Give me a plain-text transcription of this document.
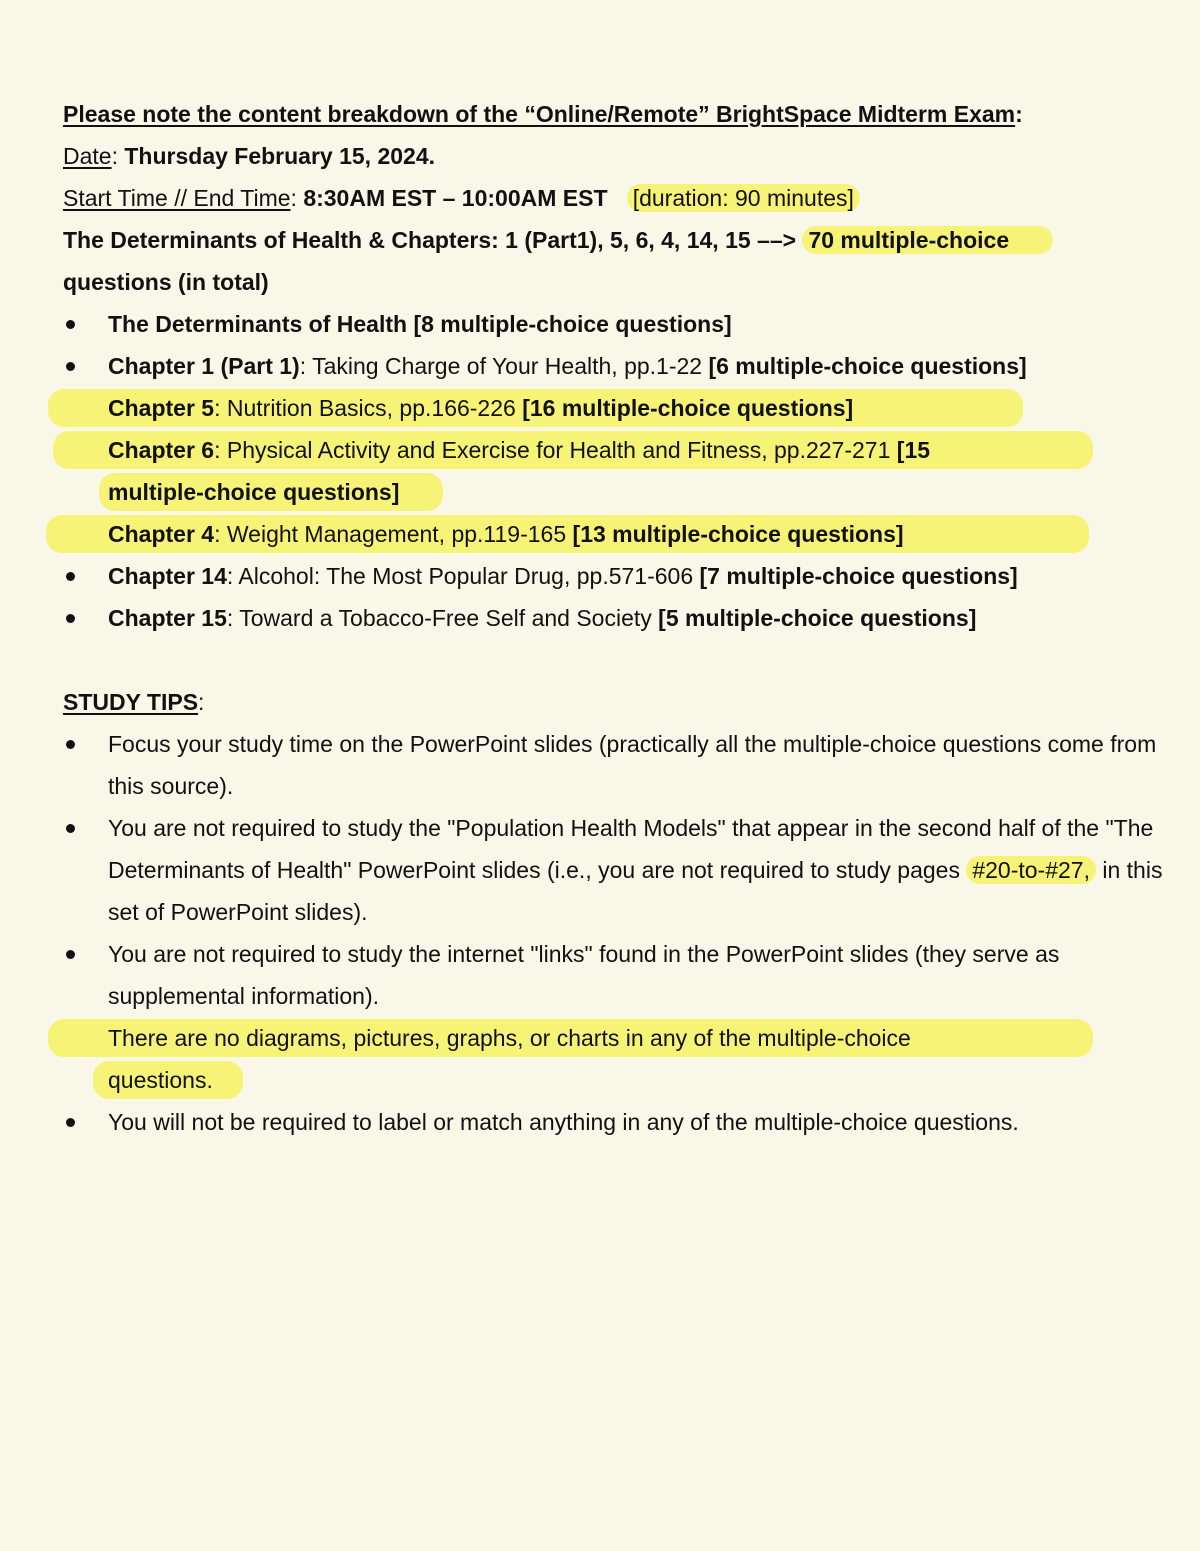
Please note the content breakdown of the “Online/Remote” BrightSpace Midterm Exam:

Date: Thursday February 15, 2024.

Start Time // End Time: 8:30AM EST – 10:00AM EST [duration: 90 minutes]

The Determinants of Health & Chapters: 1 (Part1), 5, 6, 4, 14, 15 ––> 70 multiple-choice
questions (in total)

The Determinants of Health [8 multiple-choice questions]
Chapter 1 (Part 1): Taking Charge of Your Health, pp.1-22 [6 multiple-choice questions]
Chapter 5: Nutrition Basics, pp.166-226 [16 multiple-choice questions]
Chapter 6: Physical Activity and Exercise for Health and Fitness, pp.227-271 [15
multiple-choice questions]
Chapter 4: Weight Management, pp.119-165 [13 multiple-choice questions]
Chapter 14: Alcohol: The Most Popular Drug, pp.571-606 [7 multiple-choice questions]
Chapter 15: Toward a Tobacco-Free Self and Society [5 multiple-choice questions]

STUDY TIPS:

Focus your study time on the PowerPoint slides (practically all the multiple-choice questions come from this source).
You are not required to study the "Population Health Models" that appear in the second half of the "The Determinants of Health" PowerPoint slides (i.e., you are not required to study pages #20-to-#27, in this set of PowerPoint slides).
You are not required to study the internet "links" found in the PowerPoint slides (they serve as supplemental information).
There are no diagrams, pictures, graphs, or charts in any of the multiple-choice
questions.
You will not be required to label or match anything in any of the multiple-choice questions.
